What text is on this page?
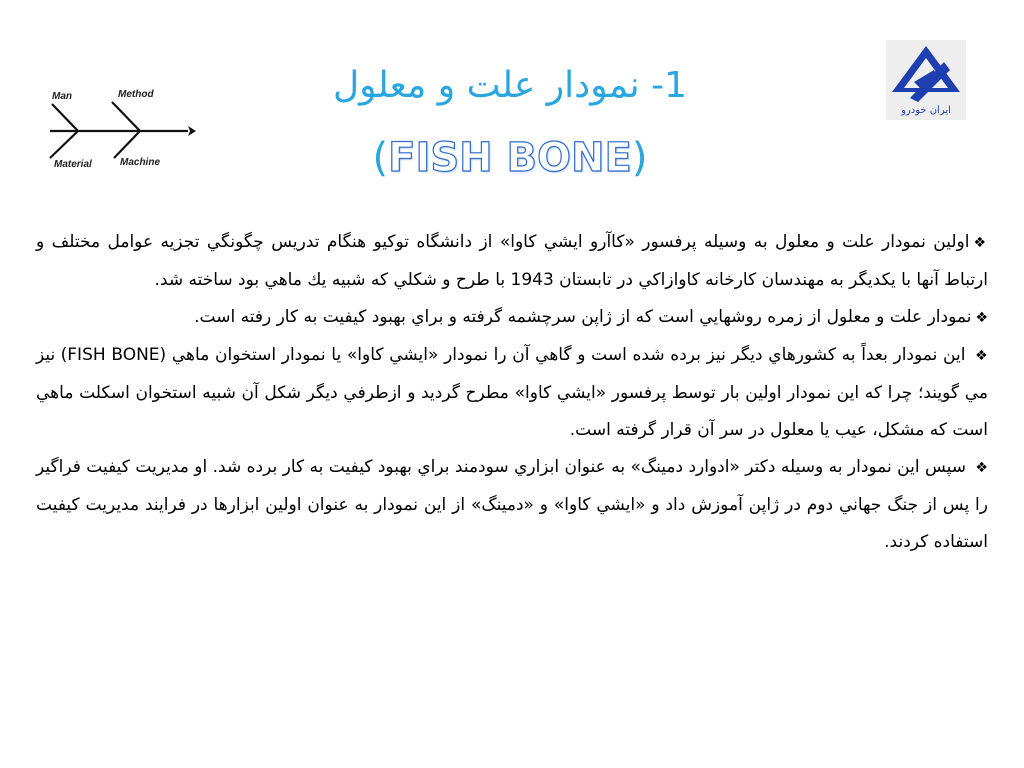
Man	Method
Material	Machine
ایران خودرو
1- نمودار علت و معلول
(FISH BONE)

❖اولين نمودار علت و معلول به وسيله پرفسور «كاآرو ايشي كاوا» از دانشگاه توكيو هنگام تدريس چگونگي تجزيه عوامل مختلف و ارتباط آنها با يكديگر به مهندسان كارخانه كاوازاكي در تابستان 1943 با طرح و شكلي كه شبيه يك ماهي بود ساخته شد.

❖نمودار علت و معلول از زمره روشهايي است كه از ژاپن سرچشمه گرفته و براي بهبود كيفيت به كار رفته است.

❖ اين نمودار بعداً به كشورهاي ديگر نيز برده شده است و گاهي آن را نمودار «ايشي كاوا» يا نمودار استخوان ماهي (FISH BONE) نيز مي گويند؛ چرا كه اين نمودار اولين بار توسط پرفسور «ايشي كاوا» مطرح گرديد و ازطرفي ديگر شكل آن شبيه استخوان اسكلت ماهي است كه مشكل، عيب يا معلول در سر آن قرار گرفته است.

❖ سپس اين نمودار به وسيله دكتر «ادوارد دمينگ» به عنوان ابزاري سودمند براي بهبود كيفيت به كار برده شد. او مديريت كيفيت فراگير را پس از جنگ جهاني دوم در ژاپن آموزش داد و «ايشي كاوا» و «دمينگ» از اين نمودار به عنوان اولين ابزارها در فرايند مديريت كيفيت استفاده كردند.
